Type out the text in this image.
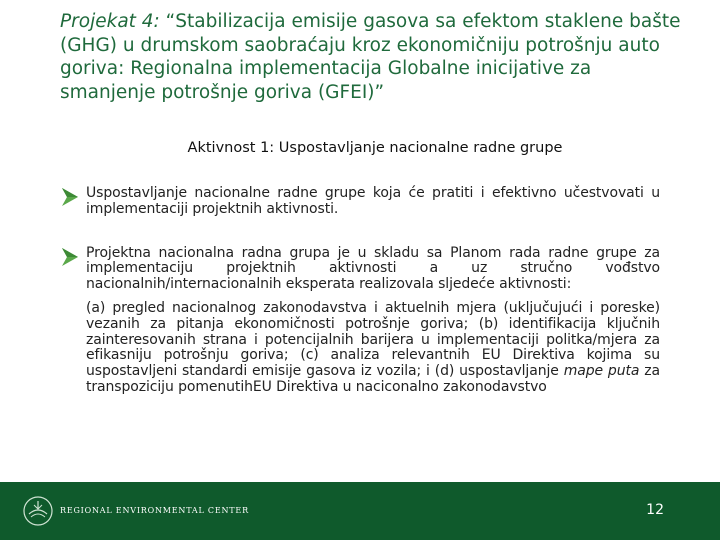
Projekat 4: “Stabilizacija emisije gasova sa efektom staklene bašte (GHG) u drumskom saobraćaju kroz ekonomičniju potrošnju auto goriva: Regionalna implementacija Globalne inicijative za smanjenje potrošnje goriva (GFEI)”
Aktivnost 1: Uspostavljanje nacionalne radne grupe

Uspostavljanje nacionalne radne grupe koja će pratiti i efektivno učestvovati u implementaciji projektnih aktivnosti.

Projektna nacionalna radna grupa je u skladu sa Planom rada radne grupe za implementaciju projektnih aktivnosti a uz stručno vođstvo nacionalnih/internacionalnih eksperata realizovala sljedeće aktivnosti:

(a) pregled nacionalnog zakonodavstva i aktuelnih mjera (uključujući i poreske) vezanih za pitanja ekonomičnosti potrošnje goriva; (b) identifikacija ključnih zainteresovanih strana i potencijalnih barijera u implementaciji politka/mjera za efikasniju potrošnju goriva; (c) analiza relevantnih EU Direktiva kojima su uspostavljeni standardi emisije gasova iz vozila; i (d) uspostavljanje mape puta za transpoziciju pomenutihEU Direktiva u naciconalno zakonodavstvo

REGIONAL ENVIRONMENTAL CENTER	12
